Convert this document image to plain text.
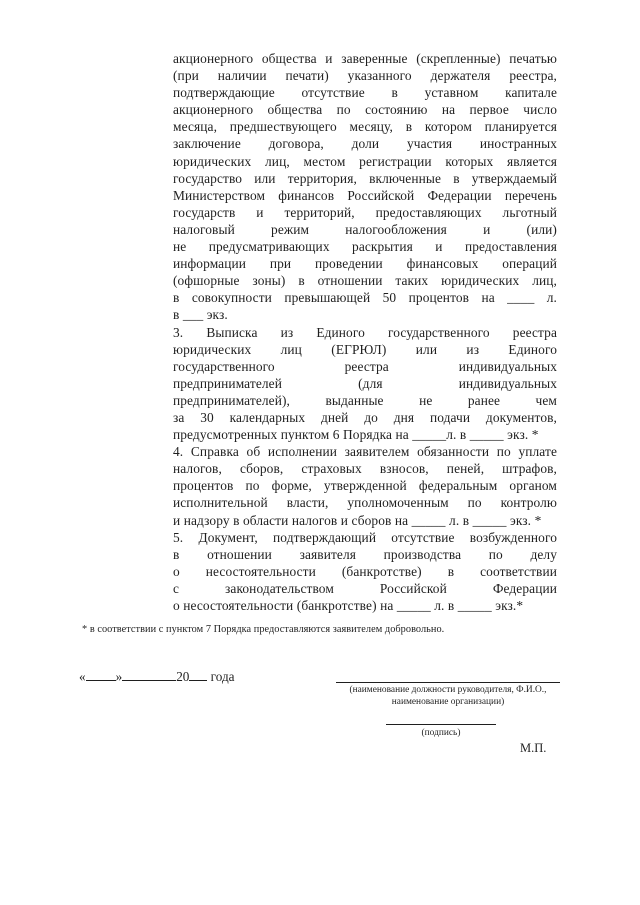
акционерного общества и заверенные (скрепленные) печатью
(при наличии печати) указанного держателя реестра,
подтверждающие отсутствие в уставном капитале
акционерного общества по состоянию на первое число
месяца, предшествующего месяцу, в котором планируется
заключение договора, доли участия иностранных
юридических лиц, местом регистрации которых является
государство или территория, включенные в утверждаемый
Министерством финансов Российской Федерации перечень
государств и территорий, предоставляющих льготный
налоговый режим налогообложения и (или)
не предусматривающих раскрытия и предоставления
информации при проведении финансовых операций
(офшорные зоны) в отношении таких юридических лиц,
в совокупности превышающей 50 процентов на ____ л.
в ___ экз.
3. Выписка из Единого государственного реестра
юридических лиц (ЕГРЮЛ) или из Единого
государственного реестра индивидуальных
предпринимателей (для индивидуальных
предпринимателей), выданные не ранее чем
за 30 календарных дней до дня подачи документов,
предусмотренных пунктом 6 Порядка на _____л. в _____ экз. *
4. Справка об исполнении заявителем обязанности по уплате
налогов, сборов, страховых взносов, пеней, штрафов,
процентов по форме, утвержденной федеральным органом
исполнительной власти, уполномоченным по контролю
и надзору в области налогов и сборов на _____ л. в _____ экз. *
5. Документ, подтверждающий отсутствие возбужденного
в отношении заявителя производства по делу
о несостоятельности (банкротстве) в соответствии
с законодательством Российской Федерации
о несостоятельности (банкротстве) на _____ л. в _____ экз.*
* в соответствии с пунктом 7 Порядка предоставляются заявителем добровольно.
« »	20 года
(наименование должности руководителя, Ф.И.О.,
наименование организации)
(подпись)
М.П.
